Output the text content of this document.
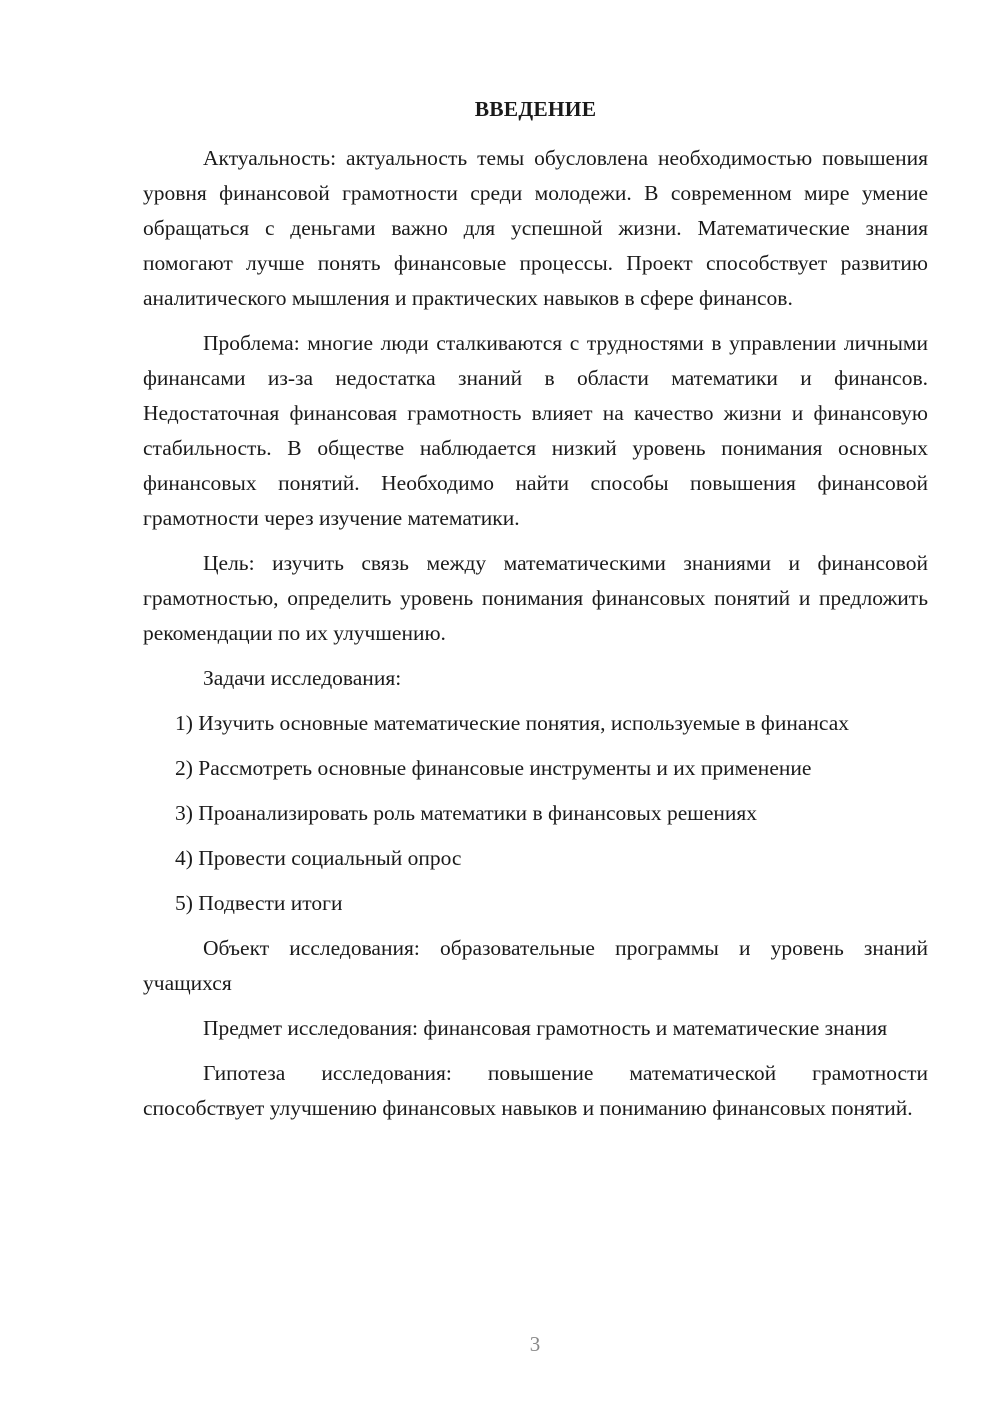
ВВЕДЕНИЕ

Актуальность: актуальность темы обусловлена необходимостью повышения уровня финансовой грамотности среди молодежи. В современном мире умение обращаться с деньгами важно для успешной жизни. Математические знания помогают лучше понять финансовые процессы. Проект способствует развитию аналитического мышления и практических навыков в сфере финансов.

Проблема: многие люди сталкиваются с трудностями в управлении личными финансами из-за недостатка знаний в области математики и финансов. Недостаточная финансовая грамотность влияет на качество жизни и финансовую стабильность. В обществе наблюдается низкий уровень понимания основных финансовых понятий. Необходимо найти способы повышения финансовой грамотности через изучение математики.

Цель: изучить связь между математическими знаниями и финансовой грамотностью, определить уровень понимания финансовых понятий и предложить рекомендации по их улучшению.

Задачи исследования:

1) Изучить основные математические понятия, используемые в финансах

2) Рассмотреть основные финансовые инструменты и их применение

3) Проанализировать роль математики в финансовых решениях

4) Провести социальный опрос

5) Подвести итоги

Объект исследования: образовательные программы и уровень знаний учащихся

Предмет исследования: финансовая грамотность и математические знания

Гипотеза исследования: повышение математической грамотности способствует улучшению финансовых навыков и пониманию финансовых понятий.

3
